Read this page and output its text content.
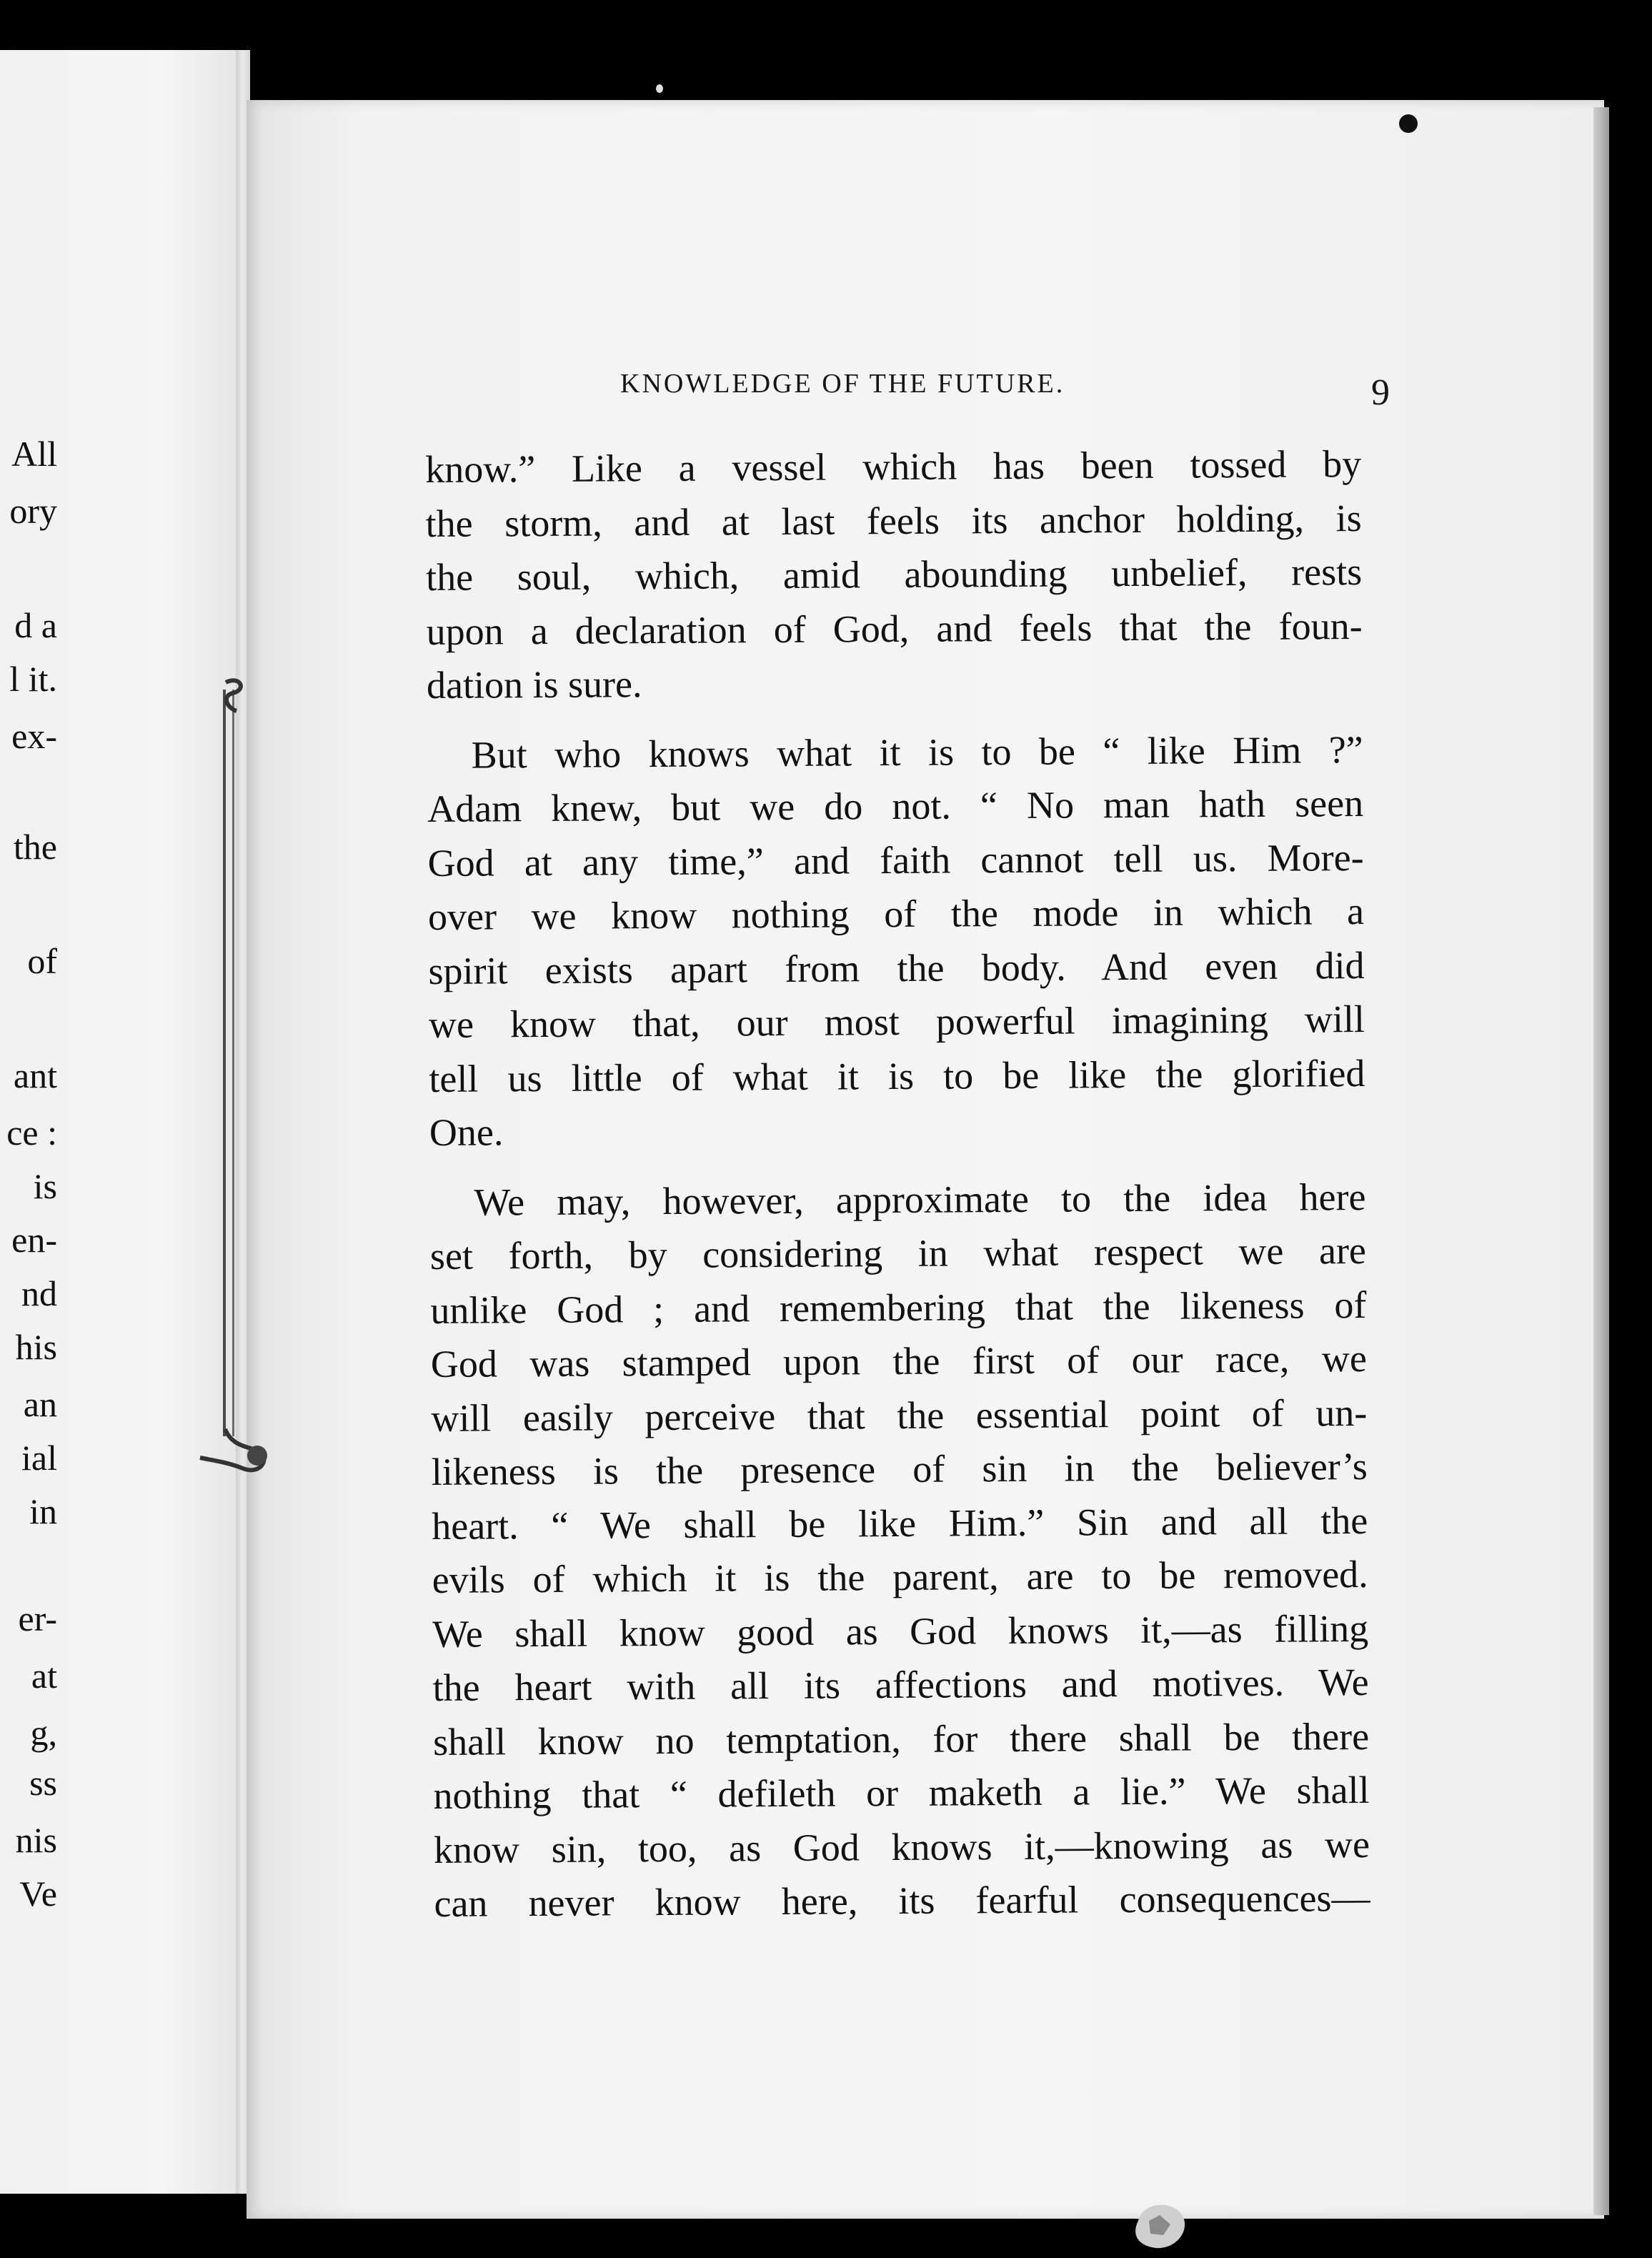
All
ory
d a
l it.
ex-
the
of
ant
ce :
is
en-
nd
his
an
ial
in
er-
at
g,
ss
nis
Ve
KNOWLEDGE OF THE FUTURE.	9
know.” Like a vessel which has been tossed by
the storm, and at last feels its anchor holding, is
the soul, which, amid abounding unbelief, rests
upon a declaration of God, and feels that the foun-
dation is sure.
But who knows what it is to be “ like Him ?”
Adam knew, but we do not. “ No man hath seen
God at any time,” and faith cannot tell us. More-
over we know nothing of the mode in which a
spirit exists apart from the body. And even did
we know that, our most powerful imagining will
tell us little of what it is to be like the glorified
One.
We may, however, approximate to the idea here
set forth, by considering in what respect we are
unlike God ; and remembering that the likeness of
God was stamped upon the first of our race, we
will easily perceive that the essential point of un-
likeness is the presence of sin in the believer’s
heart. “ We shall be like Him.” Sin and all the
evils of which it is the parent, are to be removed.
We shall know good as God knows it,—as filling
the heart with all its affections and motives. We
shall know no temptation, for there shall be there
nothing that “ defileth or maketh a lie.” We shall
know sin, too, as God knows it,—knowing as we
can never know here, its fearful consequences—
